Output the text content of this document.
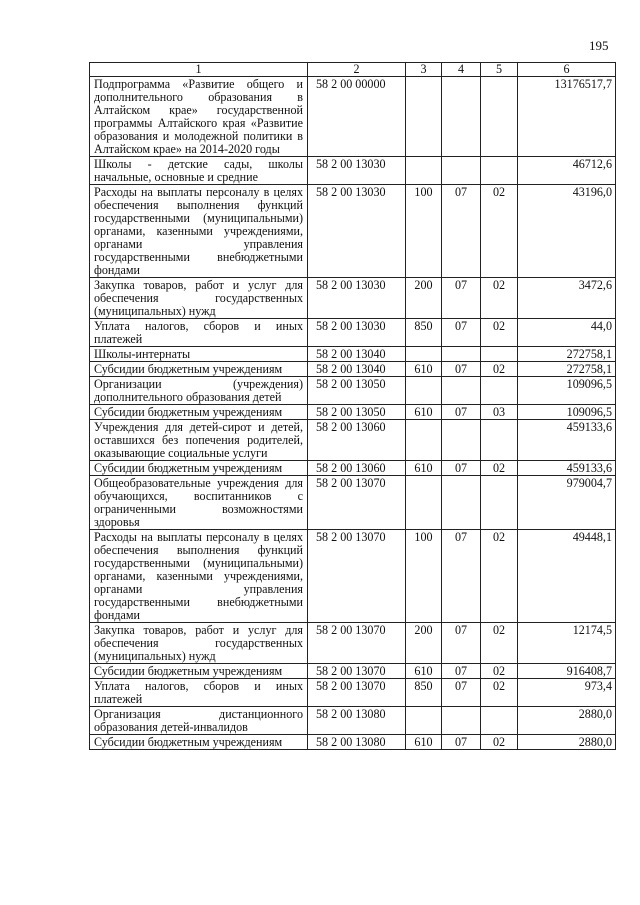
195
1	2	3	4	5	6
Подпрограмма «Развитие общего и дополнительного образования в Алтайском крае» государственной программы Алтайского края «Развитие образования и молодежной политики в Алтайском крае» на 2014-2020 годы	58 2 00 00000				13176517,7
Школы - детские сады, школы начальные, основные и средние	58 2 00 13030				46712,6
Расходы на выплаты персоналу в целях обеспечения выполнения функций государственными (муниципальными) органами, казенными учреждениями, органами управления государственными внебюджетными фондами	58 2 00 13030	100	07	02	43196,0
Закупка товаров, работ и услуг для обеспечения государственных (муниципальных) нужд	58 2 00 13030	200	07	02	3472,6
Уплата налогов, сборов и иных платежей	58 2 00 13030	850	07	02	44,0
Школы-интернаты	58 2 00 13040				272758,1
Субсидии бюджетным учреждениям	58 2 00 13040	610	07	02	272758,1
Организации (учреждения) дополнительного образования детей	58 2 00 13050				109096,5
Субсидии бюджетным учреждениям	58 2 00 13050	610	07	03	109096,5
Учреждения для детей-сирот и детей, оставшихся без попечения родителей, оказывающие социальные услуги	58 2 00 13060				459133,6
Субсидии бюджетным учреждениям	58 2 00 13060	610	07	02	459133,6
Общеобразовательные учреждения для обучающихся, воспитанников с ограниченными возможностями здоровья	58 2 00 13070				979004,7
Расходы на выплаты персоналу в целях обеспечения выполнения функций государственными (муниципальными) органами, казенными учреждениями, органами управления государственными внебюджетными фондами	58 2 00 13070	100	07	02	49448,1
Закупка товаров, работ и услуг для обеспечения государственных (муниципальных) нужд	58 2 00 13070	200	07	02	12174,5
Субсидии бюджетным учреждениям	58 2 00 13070	610	07	02	916408,7
Уплата налогов, сборов и иных платежей	58 2 00 13070	850	07	02	973,4
Организация дистанционного образования детей-инвалидов	58 2 00 13080				2880,0
Субсидии бюджетным учреждениям	58 2 00 13080	610	07	02	2880,0
